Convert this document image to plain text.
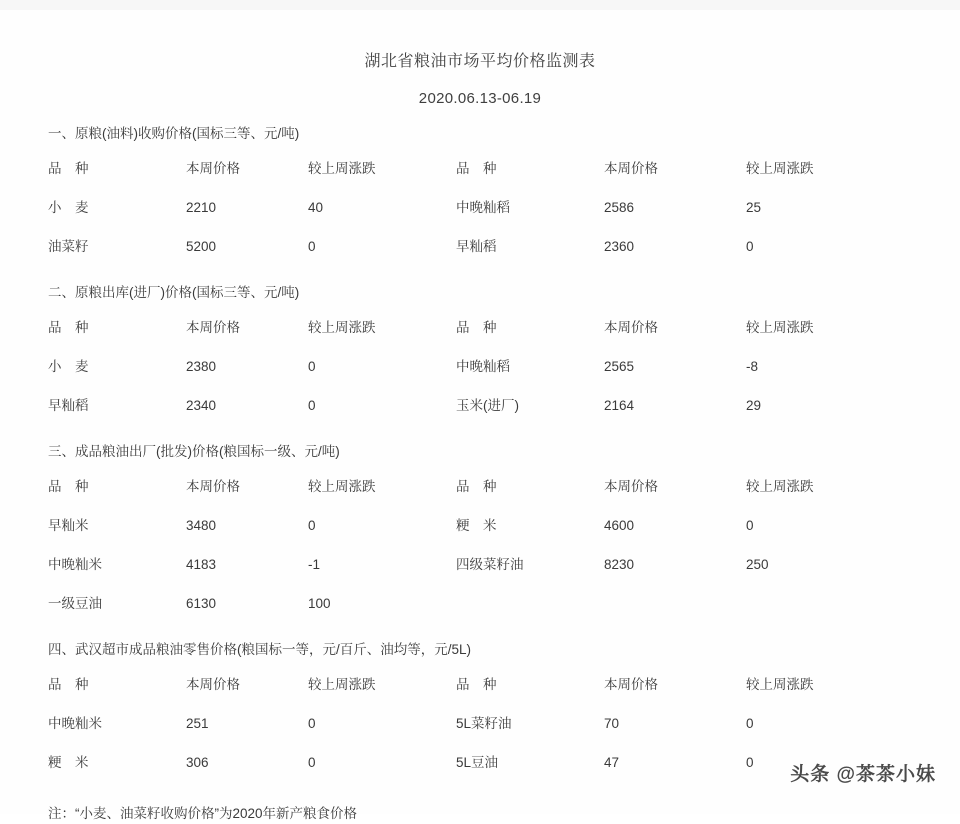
湖北省粮油市场平均价格监测表
2020.06.13-06.19
一、原粮(油料)收购价格(国标三等、元/吨)
品　种	本周价格	较上周涨跌	品　种	本周价格	较上周涨跌
小　麦	2210	40	中晚籼稻	2586	25
油菜籽	5200	0	早籼稻	2360	0
二、原粮出库(进厂)价格(国标三等、元/吨)
品　种	本周价格	较上周涨跌	品　种	本周价格	较上周涨跌
小　麦	2380	0	中晚籼稻	2565	-8
早籼稻	2340	0	玉米(进厂)	2164	29
三、成品粮油出厂(批发)价格(粮国标一级、元/吨)
品　种	本周价格	较上周涨跌	品　种	本周价格	较上周涨跌
早籼米	3480	0	粳　米	4600	0
中晚籼米	4183	-1	四级菜籽油	8230	250
一级豆油	6130	100			
四、武汉超市成品粮油零售价格(粮国标一等，元/百斤、油均等，元/5L)
品　种	本周价格	较上周涨跌	品　种	本周价格	较上周涨跌
中晚籼米	251	0	5L菜籽油	70	0
粳　米	306	0	5L豆油	47	0
注：“小麦、油菜籽收购价格”为2020年新产粮食价格
头条 @茶茶小妹
